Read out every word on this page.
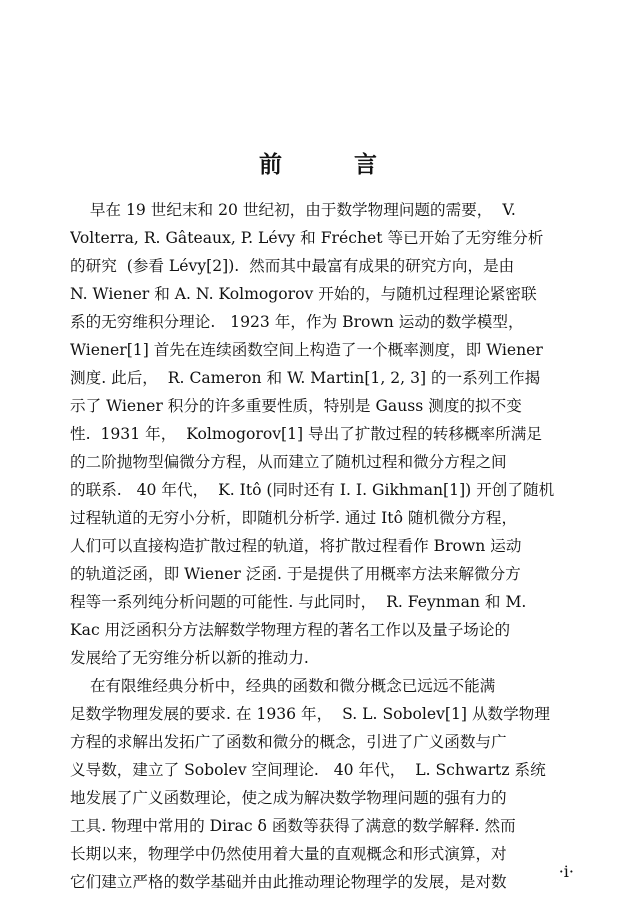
前	言
早在 19 世纪末和 20 世纪初，由于数学物理问题的需要，  V.
Volterra, R. Gâteaux, P. Lévy 和 Fréchet 等已开始了无穷维分析
的研究  (参看 Lévy[2]).  然而其中最富有成果的研究方向，是由
N. Wiener 和 A. N. Kolmogorov 开始的，与随机过程理论紧密联
系的无穷维积分理论.   1923 年，作为 Brown 运动的数学模型，
Wiener[1] 首先在连续函数空间上构造了一个概率测度，即 Wiener
测度. 此后，  R. Cameron 和 W. Martin[1, 2, 3] 的一系列工作揭
示了 Wiener 积分的许多重要性质，特别是 Gauss 测度的拟不变
性.  1931 年，  Kolmogorov[1] 导出了扩散过程的转移概率所满足
的二阶抛物型偏微分方程，从而建立了随机过程和微分方程之间
的联系.   40 年代，  K. Itô (同时还有 I. I. Gikhman[1]) 开创了随机
过程轨道的无穷小分析，即随机分析学. 通过 Itô 随机微分方程，
人们可以直接构造扩散过程的轨道，将扩散过程看作 Brown 运动
的轨道泛函，即 Wiener 泛函. 于是提供了用概率方法来解微分方
程等一系列纯分析问题的可能性. 与此同时，  R. Feynman 和 M.
Kac 用泛函积分方法解数学物理方程的著名工作以及量子场论的
发展给了无穷维分析以新的推动力.
在有限维经典分析中，经典的函数和微分概念已远远不能满
足数学物理发展的要求. 在 1936 年，  S. L. Sobolev[1] 从数学物理
方程的求解出发拓广了函数和微分的概念，引进了广义函数与广
义导数，建立了 Sobolev 空间理论.   40 年代，  L. Schwartz 系统
地发展了广义函数理论，使之成为解决数学物理问题的强有力的
工具. 物理中常用的 Dirac δ 函数等获得了满意的数学解释. 然而
长期以来，物理学中仍然使用着大量的直观概念和形式演算，对
它们建立严格的数学基础并由此推动理论物理学的发展，是对数
·i·
